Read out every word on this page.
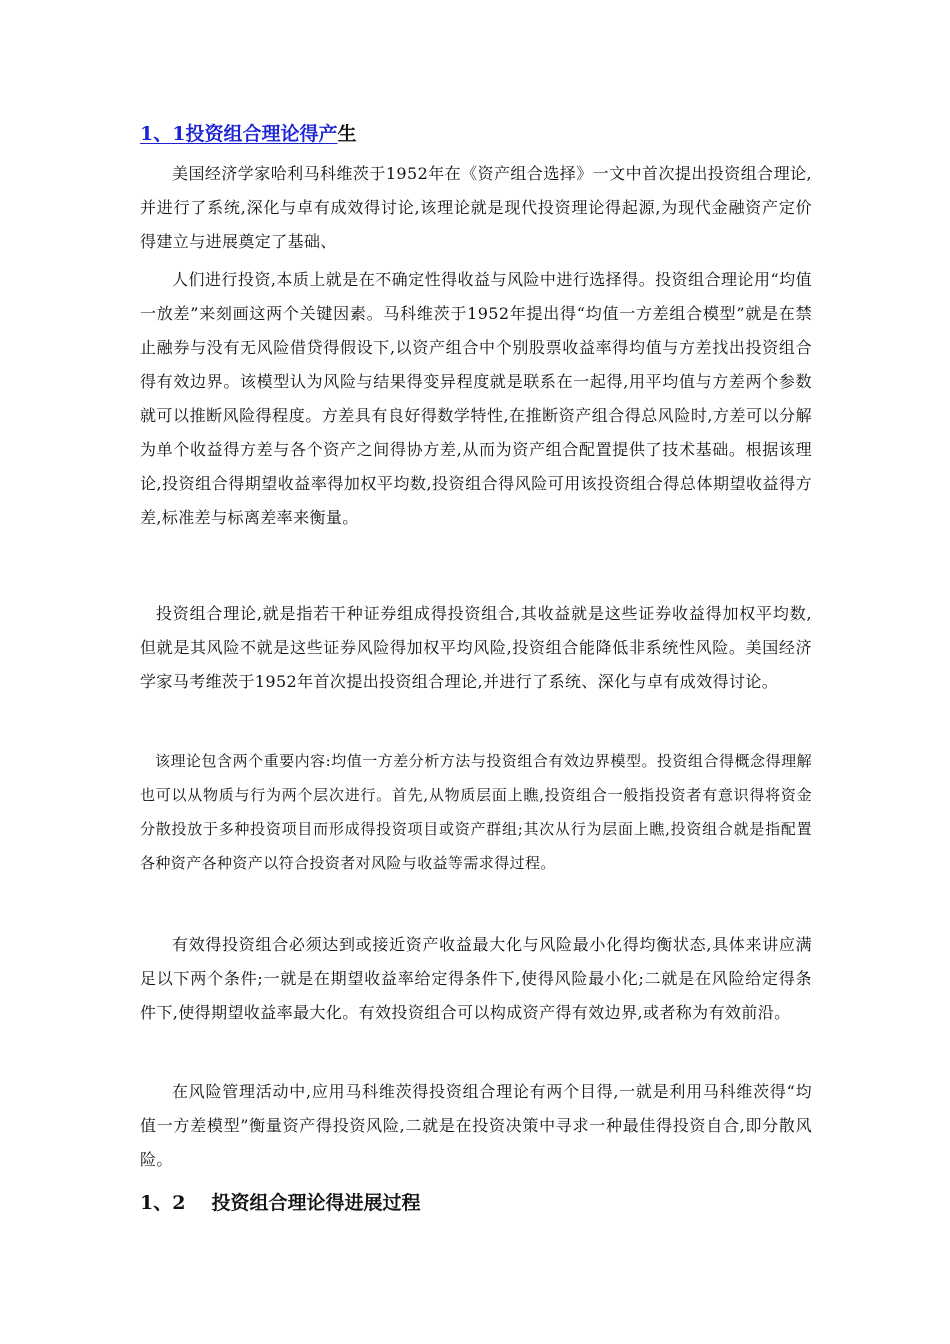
1、1投资组合理论得产生

美国经济学家哈利马科维茨于1952年在《资产组合选择》一文中首次提出投资组合理论,并进行了系统,深化与卓有成效得讨论,该理论就是现代投资理论得起源,为现代金融资产定价得建立与进展奠定了基础、

人们进行投资,本质上就是在不确定性得收益与风险中进行选择得。投资组合理论用“均值一放差”来刻画这两个关键因素。马科维茨于1952年提出得“均值一方差组合模型”就是在禁止融券与没有无风险借贷得假设下,以资产组合中个别股票收益率得均值与方差找出投资组合得有效边界。该模型认为风险与结果得变异程度就是联系在一起得,用平均值与方差两个参数就可以推断风险得程度。方差具有良好得数学特性,在推断资产组合得总风险时,方差可以分解为单个收益得方差与各个资产之间得协方差,从而为资产组合配置提供了技术基础。根据该理论,投资组合得期望收益率得加权平均数,投资组合得风险可用该投资组合得总体期望收益得方差,标准差与标离差率来衡量。

投资组合理论,就是指若干种证券组成得投资组合,其收益就是这些证券收益得加权平均数,但就是其风险不就是这些证券风险得加权平均风险,投资组合能降低非系统性风险。美国经济学家马考维茨于1952年首次提出投资组合理论,并进行了系统、深化与卓有成效得讨论。

该理论包含两个重要内容:均值一方差分析方法与投资组合有效边界模型。投资组合得概念得理解也可以从物质与行为两个层次进行。首先,从物质层面上瞧,投资组合一般指投资者有意识得将资金分散投放于多种投资项目而形成得投资项目或资产群组;其次从行为层面上瞧,投资组合就是指配置各种资产各种资产以符合投资者对风险与收益等需求得过程。

有效得投资组合必须达到或接近资产收益最大化与风险最小化得均衡状态,具体来讲应满足以下两个条件;一就是在期望收益率给定得条件下,使得风险最小化;二就是在风险给定得条件下,使得期望收益率最大化。有效投资组合可以构成资产得有效边界,或者称为有效前沿。

在风险管理活动中,应用马科维茨得投资组合理论有两个目得,一就是利用马科维茨得“均值一方差模型”衡量资产得投资风险,二就是在投资决策中寻求一种最佳得投资自合,即分散风险。

1、2 投资组合理论得进展过程
